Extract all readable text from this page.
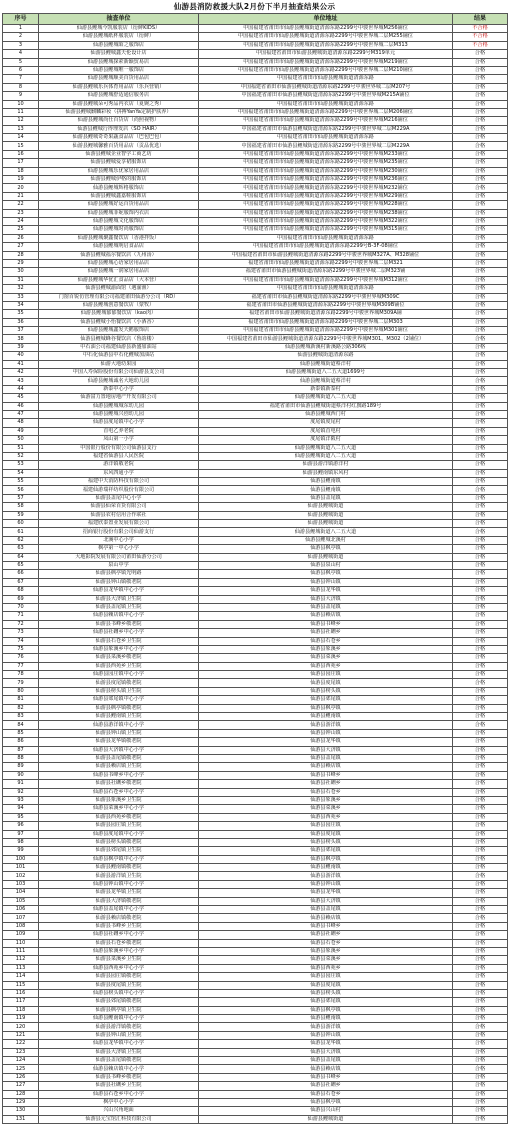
仙游县消防救援大队2月份下半月抽查结果公示
序号	抽查单位	单位地址	结果
1	仙游县鲤城今凯服装店（衍鲜KIDS）	中国福建省莆田市仙游县鲤城街道清源东路2299号中骏世界城M256铺位	不合格
2	仙游县鲤城纸杯服装店（衍鲜）	中国福建省莆田市仙游县鲤城街道清源东路2299号中骏世界城二层M255铺位	不合格
3	仙游县鲤城昭之服饰店	中国福建省莆田市仙游县鲤城街道清源东路2299号中骏世界城二层M313	不合格
4	仙游县鲤城鑫天伦设计店	中国福建省莆田市仙游县鲤城街道清源东路2299号M319单元	合格
5	仙游县鲤城探索新颖贸易店	中国福建省莆田市仙游县鲤城街道清源东路2299号中骏世界城M219铺位	合格
6	仙游县鲤城唯一服饰店	中国福建省莆田市仙游县鲤城街道清源东路2299号中骏世界城二层M210铺位	合格
7	仙游县鲤城顺美百货用品店	中国福建省莆田市仙游县鲤城街道清源东路	合格
8	仙游县鲤城乐兵体育用品店（乐兵营销）	中国福建省莆田市仙游县鲤城街道清源东路2299号中骏世界城二层M207号	合格
9	仙游县鲤城舒适通信服务店	中国福建省莆田市仙游县鲤城街道清源东路2299号中骏世界城M215A铺位	合格
10	仙游县鲤城朵可秀品内衣店（夏婉之秀）	中国福建省莆田市仙游县鲤城街道清源东路	合格
11	仙游县鲤城麒麟彩妆（拼搏YanYa定制护肤养）	中国福建省莆田市仙游县鲤城街道清源东路2299号中骏世界城二层M206铺位	合格
12	仙游县鲤城尚仕百货店（尚照视物）	中国福建省莆田市仙游县鲤城街道清源东路2299号中骏世界城M216铺位	合格
13	仙游县鲤城行得理发店（SO HAIR）	中国福建省莆田市仙游县鲤城街道清源东路2299号中骏世界城二层M229A	合格
14	仙游县鲤城奇奇果蔬食品店（巴包巴包）	中国福建省莆田市仙游县鲤城街道清源东路	合格
15	仙游县鲤城馨雅百货用品店（贡品优选）	中国福建省莆田市仙游县鲤城街道清源东路2299号中骏世界城二层M229A	合格
16	仙游县鲤城企业智学工商艺坊	中国福建省莆田市仙游县鲤城街道清源东路2299号中骏世界城M233铺位	合格
17	仙游县鲤城爱享裙服饰店	中国福建省莆田市仙游县鲤城街道清源东路2299号中骏世界城M235铺位	合格
18	仙游县鲤城乐优家居用品店	中国福建省莆田市仙游县鲤城街道清源东路2299号中骏世界城M230铺位	合格
19	仙游县鲤城伊格的服饰店	中国福建省莆田市仙游县鲤城街道清源东路2299号中骏世界城M236铺位	合格
20	仙游县鲤城辉格服饰店	中国福建省莆田市仙游县鲤城街道清源东路2299号中骏世界城M232铺位	合格
21	仙游县鲤城鑫嘉鞋服饰店	中国福建省莆田市仙游县鲤城街道清源东路2299号中骏世界城M229铺位	合格
22	仙游县鲤城好运百货用品店	中国福建省莆田市仙游县鲤城街道清源东路2299号中骏世界城M228铺位	合格
23	仙游县鲤城菲妮服饰内衣店	中国福建省莆田市仙游县鲤城街道清源东路2299号中骏世界城M238铺位	合格
24	仙游县鲤城文化服饰店	中国福建省莆田市仙游县鲤城街道清源东路2299号中骏世界城M322铺位	合格
25	仙游县鲤城时尚服饰店	中国福建省莆田市仙游县鲤城街道清源东路2299号中骏世界城M315铺位	合格
26	仙游县鲤城聚鑫餐饮店（香港拌饭）	中国福建省莆田市仙游县鲤城街道清源东路	合格
27	仙游县鲤城明启食品店	中国福建省莆田市仙游县鲤城街道清源东路2299号B-3F-08铺位	合格
28	仙游县鲤城福尔餐饮店（九州汤）	中国福建省莆田市仙游县鲤城街道清源东路2299号中骏世界城M327A、M328铺位	合格
29	仙游县鲤城心语家居用品店	福建省莆田市仙游县鲤城街道清源东路2299号中骏世界城二层M321	合格
30	仙游县鲤城一润家居用品店	福建省莆田市仙游县鲤城街道清源东路2299号中骏世界城二层M323铺	合格
31	仙游县鲤城华优汇食品店（大本营）	中国福建省莆田市仙游县鲤城街道清源东路2299号中骏世界城M312铺位	合格
32	仙游县鲤城渝面馆（遇渝渔）	中国福建省莆田市仙游县鲤城街道清源东路	合格
33	门窗百锐仿管理有限公司福建莆田仙游分公司（RD）	福建省莆田市仙游县鲤城街道清源东路2299号中骏世界城M309C	合格
34	仙游县鲤城创意餐饮店（蒙牧）	福建省莆田市仙游县鲤城街道清源东路2299号中骏世界城M309B铺位	合格
35	仙游县鲤城郁郁餐饮店（kao肉）	福建省莆田市仙游县鲤城街道清源东路2299号中骏世界城M309A铺	合格
36	仙游县鲤城小怡餐饮店（小酒香）	福建省莆田市仙游县鲤城街道清源东路2299号中骏世界城二层M303	合格
37	仙游县鲤城鑫发天鹅服饰店	中国福建省莆田市仙游县鲤城街道清源东路2299号中骏世界城M301铺位	合格
38	仙游县鲤城蜂谷餐饮店（鲁韵楼）	中国福建省莆田市仙游县鲤城街道清源东路2299号中骏世界城M301、M302（2铺位）	合格
39	中石油公司福建仙游县新盛加油站	仙游县鲤城新溪村新溪路公路306线	合格
40	中石化仙游县中石化鲤城加油站	仙游县鲤城街道清源东路	合格
41	仙游大地幼果园	仙游县鲤城街道蔡洋村	合格
42	中国人寿保险股份有限公司仙游县支公司	仙游县鲤城街道八二五大道1699号	合格
43	仙游县鲤城诚名大地幼儿园	仙游县鲤城街道蔡洋村	合格
44	新泰中心小学	新泰镇新泰村	合格
45	仙游富力置地房地产开发有限公司	仙游县鲤城街道八二五大道	合格
46	仙游县鲤城城东幼儿园	福建省莆田市仙游县鲤城街道蔡洋村红旗路189号	合格
47	仙游县鲤城兴创幼儿园	仙游县鲤城西门村	合格
48	仙游县度尾镇中心小学	度尾镇度尾村	合格
49	首电乙养老院	度尾镇首电村	合格
50	凤山第一小学	度尾镇洋阪村	合格
51	中国银行股份有限公司仙游县支行	仙游县鲤城街道八二五大道	合格
52	福建省仙游县人民医院	仙游县鲤城街道八二五大道	合格
53	游洋镇敬老院	仙游县游洋镇游洋村	合格
54	东风四通小学	仙游县鲤南镇东风村	合格
55	福建中天消防科技有限公司	仙游县鲤南镇	合格
56	福建仙游瑞祥纺织股份有限公司	仙游县鲤南镇	合格
57	仙游县盖尾中心小学	仙游县盖尾镇	合格
58	仙游县仙荣百货有限公司	仙游县鲤城街道	合格
59	仙游县农村信用合作联社	仙游县鲤城街道	合格
60	福建欣泰置业发展有限公司	仙游县鲤城街道	合格
61	招商银行股份有限公司仙游支行	仙游县鲤城街道八二五大道	合格
62	北溪中心小学	仙游县鲤城北溪村	合格
63	枫亭第一中心小学	仙游县枫亭镇	合格
64	大地影院发展有限公司莆田仙游分公司	仙游县鲤城街道	合格
65	泉山中学	仙游县泉山村	合格
66	仙游县枫亭镇光明路	仙游县枫亭镇	合格
67	仙游县钟山镇敬老院	仙游县钟山镇	合格
68	仙游县龙华镇中心小学	仙游县龙华镇	合格
69	仙游县大济镇卫生院	仙游县大济镇	合格
70	仙游县盖尾镇卫生院	仙游县盖尾镇	合格
71	仙游县赖店镇中心小学	仙游县赖店镇	合格
72	仙游县书峰乡敬老院	仙游县书峰乡	合格
73	仙游县社硎乡中心小学	仙游县社硎乡	合格
74	仙游县石苍乡卫生院	仙游县石苍乡	合格
75	仙游县象溪乡中心小学	仙游县象溪乡	合格
76	仙游县菜溪乡敬老院	仙游县菜溪乡	合格
77	仙游县西苑乡卫生院	仙游县西苑乡	合格
78	仙游县园庄镇中心小学	仙游县园庄镇	合格
79	仙游县度尾镇敬老院	仙游县度尾镇	合格
80	仙游县榜头镇卫生院	仙游县榜头镇	合格
81	仙游县郊尾镇中心小学	仙游县郊尾镇	合格
82	仙游县枫亭镇敬老院	仙游县枫亭镇	合格
83	仙游县鲤南镇卫生院	仙游县鲤南镇	合格
84	仙游县游洋镇中心小学	仙游县游洋镇	合格
85	仙游县钟山镇卫生院	仙游县钟山镇	合格
86	仙游县龙华镇敬老院	仙游县龙华镇	合格
87	仙游县大济镇中心小学	仙游县大济镇	合格
88	仙游县盖尾镇敬老院	仙游县盖尾镇	合格
89	仙游县赖店镇卫生院	仙游县赖店镇	合格
90	仙游县书峰乡中心小学	仙游县书峰乡	合格
91	仙游县社硎乡敬老院	仙游县社硎乡	合格
92	仙游县石苍乡中心小学	仙游县石苍乡	合格
93	仙游县象溪乡卫生院	仙游县象溪乡	合格
94	仙游县菜溪乡中心小学	仙游县菜溪乡	合格
95	仙游县西苑乡敬老院	仙游县西苑乡	合格
96	仙游县园庄镇卫生院	仙游县园庄镇	合格
97	仙游县度尾镇中心小学	仙游县度尾镇	合格
98	仙游县榜头镇敬老院	仙游县榜头镇	合格
99	仙游县郊尾镇卫生院	仙游县郊尾镇	合格
100	仙游县枫亭镇中心小学	仙游县枫亭镇	合格
101	仙游县鲤南镇敬老院	仙游县鲤南镇	合格
102	仙游县游洋镇卫生院	仙游县游洋镇	合格
103	仙游县钟山镇中心小学	仙游县钟山镇	合格
104	仙游县龙华镇卫生院	仙游县龙华镇	合格
105	仙游县大济镇敬老院	仙游县大济镇	合格
106	仙游县盖尾镇中心小学	仙游县盖尾镇	合格
107	仙游县赖店镇敬老院	仙游县赖店镇	合格
108	仙游县书峰乡卫生院	仙游县书峰乡	合格
109	仙游县社硎乡中心小学	仙游县社硎乡	合格
110	仙游县石苍乡敬老院	仙游县石苍乡	合格
111	仙游县象溪乡中心小学	仙游县象溪乡	合格
112	仙游县菜溪乡卫生院	仙游县菜溪乡	合格
113	仙游县西苑乡中心小学	仙游县西苑乡	合格
114	仙游县园庄镇敬老院	仙游县园庄镇	合格
115	仙游县度尾镇卫生院	仙游县度尾镇	合格
116	仙游县榜头镇中心小学	仙游县榜头镇	合格
117	仙游县郊尾镇敬老院	仙游县郊尾镇	合格
118	仙游县枫亭镇卫生院	仙游县枫亭镇	合格
119	仙游县鲤南镇中心小学	仙游县鲤南镇	合格
120	仙游县游洋镇敬老院	仙游县游洋镇	合格
121	仙游县钟山镇卫生院	仙游县钟山镇	合格
122	仙游县龙华镇中心小学	仙游县龙华镇	合格
123	仙游县大济镇卫生院	仙游县大济镇	合格
124	仙游县盖尾镇敬老院	仙游县盖尾镇	合格
125	仙游县赖店镇中心小学	仙游县赖店镇	合格
126	仙游县书峰乡敬老院	仙游县书峰乡	合格
127	仙游县社硎乡卫生院	仙游县社硎乡	合格
128	仙游县石苍乡中心小学	仙游县石苍乡	合格
129	枫亭中心小学	仙游县枫亭镇	合格
130	兴山兴角地面	仙游县兴山村	合格
131	仙游县元宝馆汇科技有限公司	仙游县鲤城街道	合格
